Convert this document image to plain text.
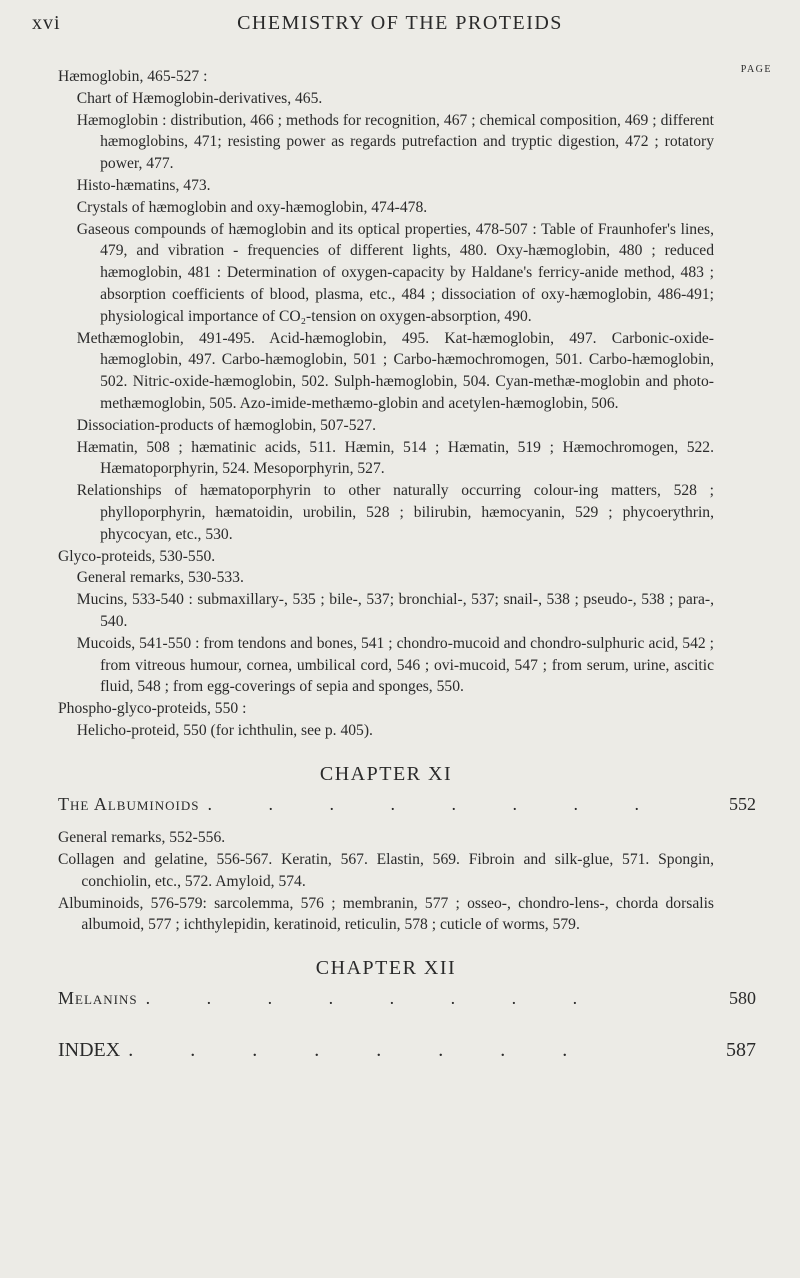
xvi	CHEMISTRY OF THE PROTEIDS
PAGE

Hæmoglobin, 465-527 :

Chart of Hæmoglobin-derivatives, 465.

Hæmoglobin : distribution, 466 ; methods for recognition, 467 ; chemical composition, 469 ; different hæmoglobins, 471; resisting power as regards putrefaction and tryptic digestion, 472 ; rotatory power, 477.

Histo-hæmatins, 473.

Crystals of hæmoglobin and oxy-hæmoglobin, 474-478.

Gaseous compounds of hæmoglobin and its optical properties, 478-507 : Table of Fraunhofer's lines, 479, and vibration - frequencies of different lights, 480. Oxy-hæmoglobin, 480 ; reduced hæmoglobin, 481 : Determination of oxygen-capacity by Haldane's ferricy-anide method, 483 ; absorption coefficients of blood, plasma, etc., 484 ; dissociation of oxy-hæmoglobin, 486-491; physiological importance of CO₂-tension on oxygen-absorption, 490.

Methæmoglobin, 491-495. Acid-hæmoglobin, 495. Kat-hæmoglobin, 497. Carbonic-oxide-hæmoglobin, 497. Carbo-hæmoglobin, 501 ; Carbo-hæmochromogen, 501. Carbo-hæmoglobin, 502. Nitric-oxide-hæmoglobin, 502. Sulph-hæmoglobin, 504. Cyan-methæ-moglobin and photo-methæmoglobin, 505. Azo-imide-methæmo-globin and acetylen-hæmoglobin, 506.

Dissociation-products of hæmoglobin, 507-527.

Hæmatin, 508 ; hæmatinic acids, 511. Hæmin, 514 ; Hæmatin, 519 ; Hæmochromogen, 522. Hæmatoporphyrin, 524. Mesoporphyrin, 527.

Relationships of hæmatoporphyrin to other naturally occurring colour-ing matters, 528 ; phylloporphyrin, hæmatoidin, urobilin, 528 ; bilirubin, hæmocyanin, 529 ; phycoerythrin, phycocyan, etc., 530.

Glyco-proteids, 530-550.

General remarks, 530-533.

Mucins, 533-540 : submaxillary-, 535 ; bile-, 537; bronchial-, 537; snail-, 538 ; pseudo-, 538 ; para-, 540.

Mucoids, 541-550 : from tendons and bones, 541 ; chondro-mucoid and chondro-sulphuric acid, 542 ; from vitreous humour, cornea, umbilical cord, 546 ; ovi-mucoid, 547 ; from serum, urine, ascitic fluid, 548 ; from egg-coverings of sepia and sponges, 550.

Phospho-glyco-proteids, 550 :

Helicho-proteid, 550 (for ichthulin, see p. 405).

CHAPTER XI
The Albuminoids . . . . . . . .	552

General remarks, 552-556.

Collagen and gelatine, 556-567. Keratin, 567. Elastin, 569. Fibroin and silk-glue, 571. Spongin, conchiolin, etc., 572. Amyloid, 574.

Albuminoids, 576-579: sarcolemma, 576 ; membranin, 577 ; osseo-, chondro-lens-, chorda dorsalis albumoid, 577 ; ichthylepidin, keratinoid, reticulin, 578 ; cuticle of worms, 579.

CHAPTER XII
Melanins . . . . . . . .	580
INDEX . . . . . . . .	587
